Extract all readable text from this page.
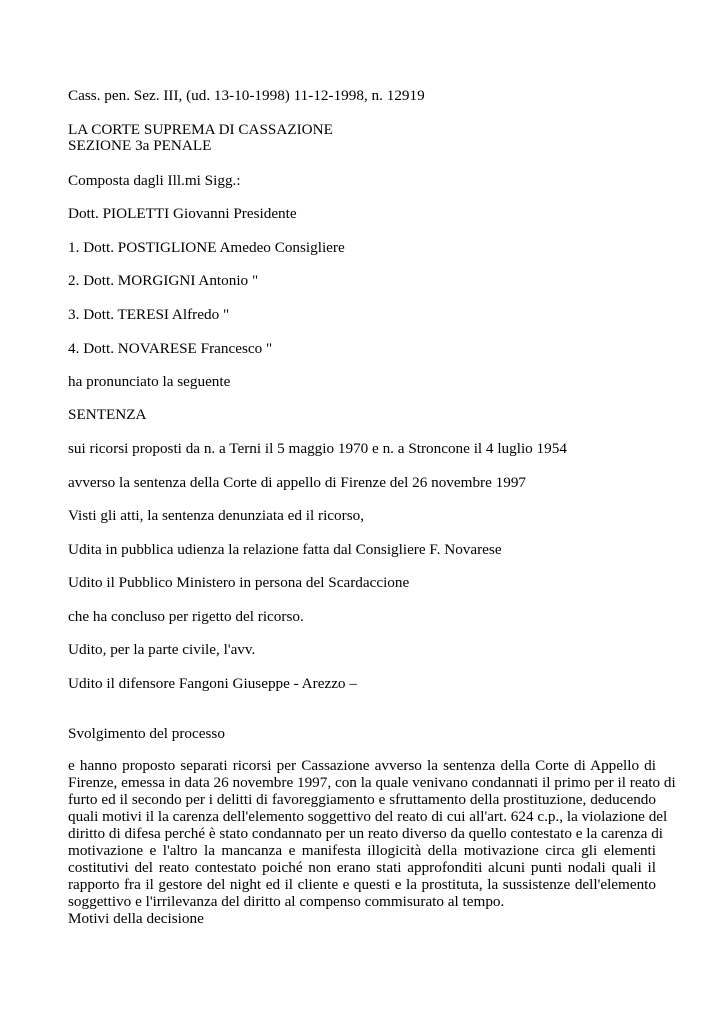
Cass. pen. Sez. III, (ud. 13-10-1998) 11-12-1998, n. 12919

LA CORTE SUPREMA DI CASSAZIONE

SEZIONE 3a PENALE

Composta dagli Ill.mi Sigg.:

Dott. PIOLETTI Giovanni Presidente

1. Dott. POSTIGLIONE Amedeo Consigliere

2. Dott. MORGIGNI Antonio "

3. Dott. TERESI Alfredo "

4. Dott. NOVARESE Francesco "

ha pronunciato la seguente

SENTENZA

sui ricorsi proposti da n. a Terni il 5 maggio 1970 e n. a Stroncone il 4 luglio 1954

avverso la sentenza della Corte di appello di Firenze del 26 novembre 1997

Visti gli atti, la sentenza denunziata ed il ricorso,

Udita in pubblica udienza la relazione fatta dal Consigliere F. Novarese

Udito il Pubblico Ministero in persona del Scardaccione

che ha concluso per rigetto del ricorso.

Udito, per la parte civile, l'avv.

Udito il difensore Fangoni Giuseppe - Arezzo –

Svolgimento del processo

e hanno proposto separati ricorsi per Cassazione avverso la sentenza della Corte di Appello di
Firenze, emessa in data 26 novembre 1997, con la quale venivano condannati il primo per il reato di
furto ed il secondo per i delitti di favoreggiamento e sfruttamento della prostituzione, deducendo
quali motivi il la carenza dell'elemento soggettivo del reato di cui all'art. 624 c.p., la violazione del
diritto di difesa perché è stato condannato per un reato diverso da quello contestato e la carenza di
motivazione e l'altro la mancanza e manifesta illogicità della motivazione circa gli elementi
costitutivi del reato contestato poiché non erano stati approfonditi alcuni punti nodali quali il
rapporto fra il gestore del night ed il cliente e questi e la prostituta, la sussistenze dell'elemento
soggettivo e l'irrilevanza del diritto al compenso commisurato al tempo.

Motivi della decisione
